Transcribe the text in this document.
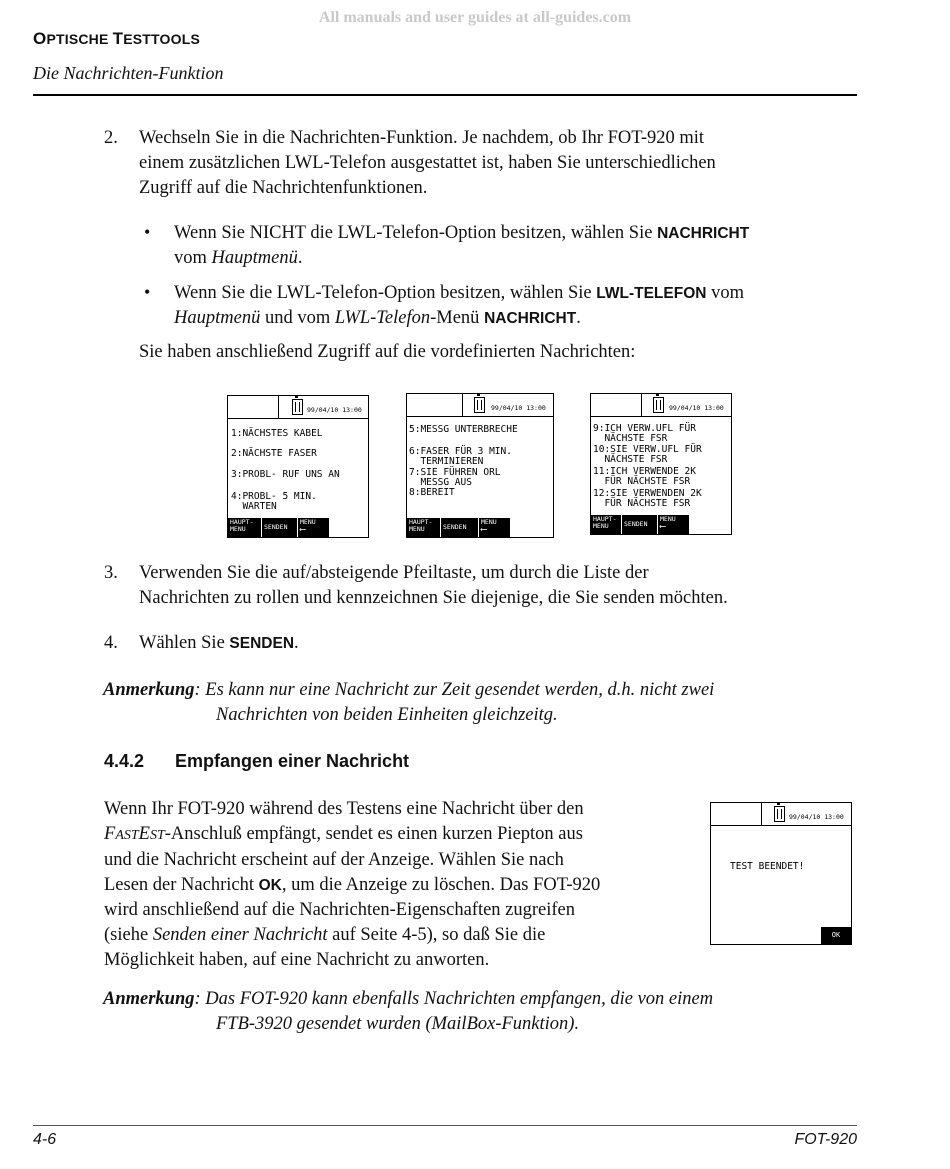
All manuals and user guides at all-guides.com
OPTISCHE TESTTOOLS
Die Nachrichten-Funktion
2. Wechseln Sie in die Nachrichten-Funktion. Je nachdem, ob Ihr FOT-920 mit
einem zusätzlichen LWL-Telefon ausgestattet ist, haben Sie unterschiedlichen
Zugriff auf die Nachrichtenfunktionen.
• Wenn Sie NICHT die LWL-Telefon-Option besitzen, wählen Sie NACHRICHT
vom Hauptmenü.
• Wenn Sie die LWL-Telefon-Option besitzen, wählen Sie LWL-TELEFON vom
Hauptmenü und vom LWL-Telefon-Menü NACHRICHT.
Sie haben anschließend Zugriff auf die vordefinierten Nachrichten:
99/04/10 13:00
1:NÄCHSTES KABEL
2:NÄCHSTE FASER
3:PROBL- RUF UNS AN
4:PROBL- 5 MIN.
WARTEN
HAUPT-
MENU	SENDEN
MENU
⟵
99/04/10 13:00
5:MESSG UNTERBRECHE
6:FASER FÜR 3 MIN.
TERMINIEREN
7:SIE FÜHREN ORL
MESSG AUS
8:BEREIT
HAUPT-
MENU	SENDEN
MENU
⟵
99/04/10 13:00
9:ICH VERW.UFL FÜR
NÄCHSTE FSR
10:SIE VERW.UFL FÜR
NÄCHSTE FSR
11:ICH VERWENDE 2K
FÜR NÄCHSTE FSR
12:SIE VERWENDEN 2K
FÜR NÄCHSTE FSR
HAUPT-
MENU	SENDEN
MENU
⟵
3. Verwenden Sie die auf/absteigende Pfeiltaste, um durch die Liste der
Nachrichten zu rollen und kennzeichnen Sie diejenige, die Sie senden möchten.
4. Wählen Sie SENDEN.
Anmerkung: Es kann nur eine Nachricht zur Zeit gesendet werden, d.h. nicht zwei
Nachrichten von beiden Einheiten gleichzeitg.
4.4.2 Empfangen einer Nachricht
Wenn Ihr FOT-920 während des Testens eine Nachricht über den
FASTEST-Anschluß empfängt, sendet es einen kurzen Piepton aus
und die Nachricht erscheint auf der Anzeige. Wählen Sie nach
Lesen der Nachricht OK, um die Anzeige zu löschen. Das FOT-920
wird anschließend auf die Nachrichten-Eigenschaften zugreifen
(siehe Senden einer Nachricht auf Seite 4-5), so daß Sie die
Möglichkeit haben, auf eine Nachricht zu anworten.
99/04/10 13:00
TEST BEENDET!
OK
Anmerkung: Das FOT-920 kann ebenfalls Nachrichten empfangen, die von einem
FTB-3920 gesendet wurden (MailBox-Funktion).
4-6	FOT-920
